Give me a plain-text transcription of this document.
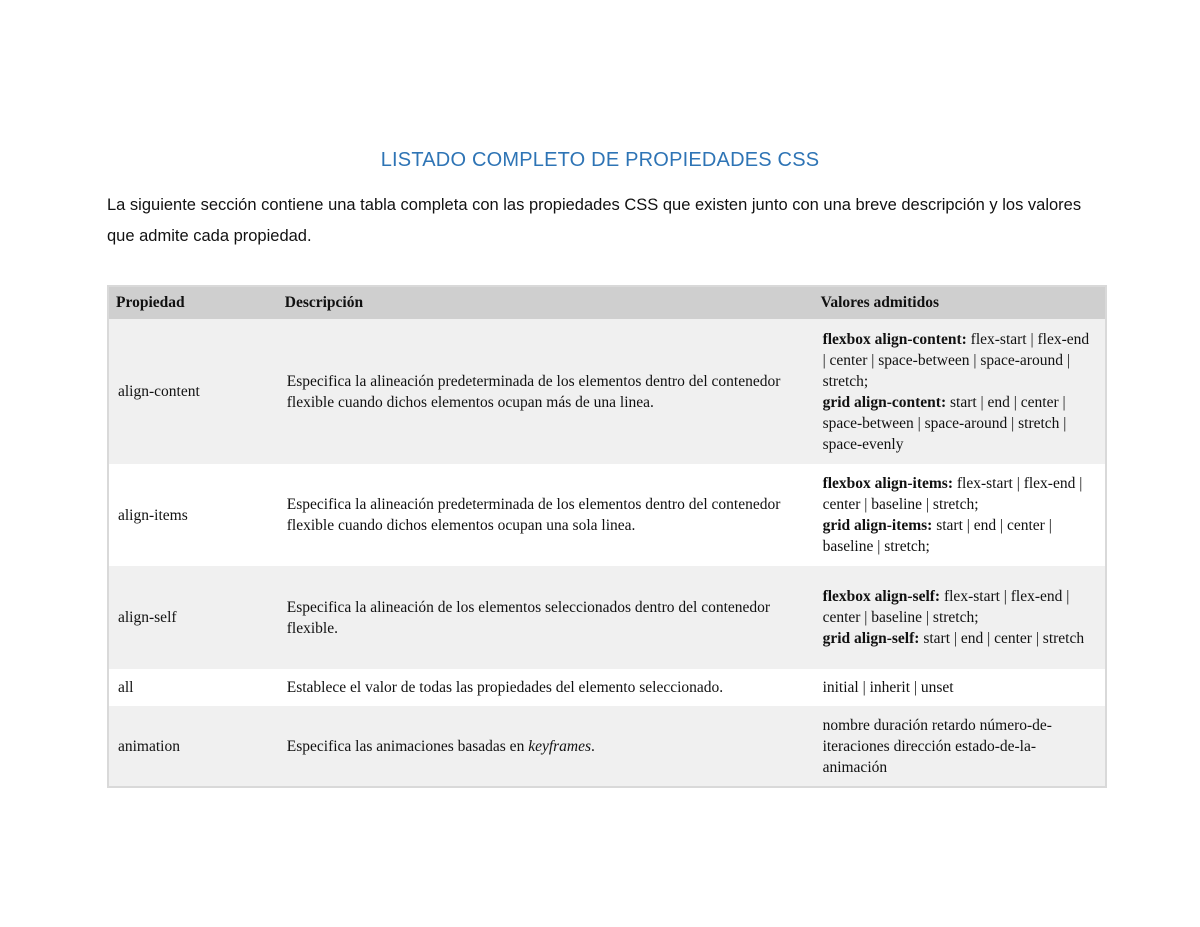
LISTADO COMPLETO DE PROPIEDADES CSS
La siguiente sección contiene una tabla completa con las propiedades CSS que existen junto con una breve descripción y los valores que admite cada propiedad.
Propiedad	Descripción	Valores admitidos
align-content	Especifica la alineación predeterminada de los elementos dentro del contenedor flexible cuando dichos elementos ocupan más de una linea.	flexbox align-content: flex-start | flex-end | center | space-between | space-around | stretch;
grid align-content: start | end | center | space-between | space-around | stretch | space-evenly
align-items	Especifica la alineación predeterminada de los elementos dentro del contenedor flexible cuando dichos elementos ocupan una sola linea.	flexbox align-items: flex-start | flex-end | center | baseline | stretch;
grid align-items: start | end | center | baseline | stretch;
align-self	Especifica la alineación de los elementos seleccionados dentro del contenedor flexible.	flexbox align-self: flex-start | flex-end | center | baseline | stretch;
grid align-self: start | end | center | stretch
all	Establece el valor de todas las propiedades del elemento seleccionado.	initial | inherit | unset
animation	Especifica las animaciones basadas en keyframes.	nombre duración retardo número-de-iteraciones dirección estado-de-la-animación
